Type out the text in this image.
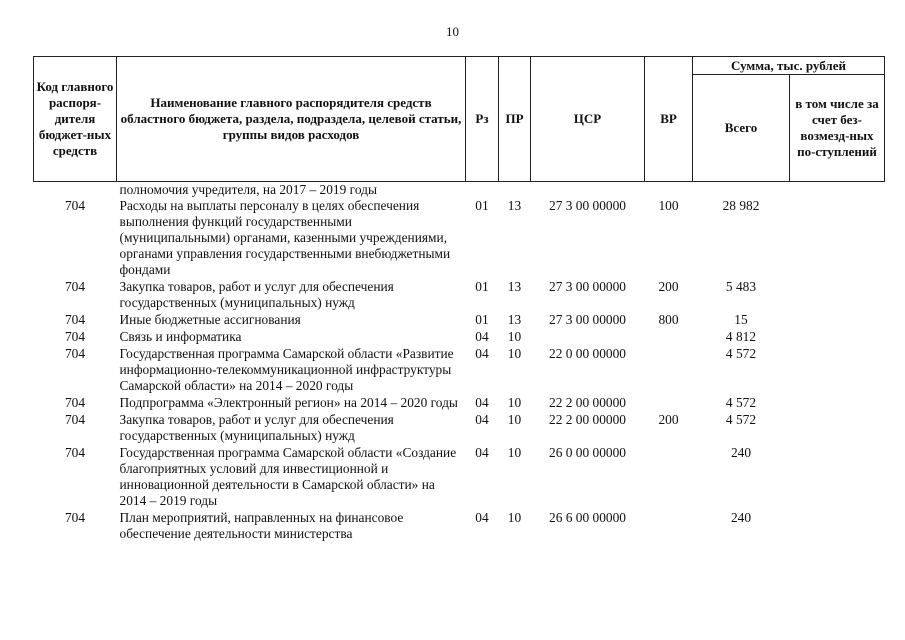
10
Код главного распоря-дителя бюджет-ных средств	Наименование главного распорядителя средств областного бюджета, раздела, подраздела, целевой статьи, группы видов расходов	Рз	ПР	ЦСР	ВР	Сумма, тыс. рублей	
						Всего	в том числе за счет без-возмезд-ных по-ступлений
	полномочия учредителя, на 2017 – 2019 годы						
704	Расходы на выплаты персоналу в целях обеспечения выполнения функций государственными (муниципальными) органами, казенными учреждениями, органами управления государственными внебюджетными фондами	01	13	27 3 00 00000	100	28 982	
704	Закупка товаров, работ и услуг для обеспечения государственных (муниципальных) нужд	01	13	27 3 00 00000	200	5 483	
704	Иные бюджетные ассигнования	01	13	27 3 00 00000	800	15	
704	Связь и информатика	04	10			4 812	
704	Государственная программа Самарской области «Развитие информационно-телекоммуникационной инфраструктуры Самарской области» на 2014 – 2020 годы	04	10	22 0 00 00000		4 572	
704	Подпрограмма «Электронный регион» на 2014 – 2020 годы	04	10	22 2 00 00000		4 572	
704	Закупка товаров, работ и услуг для обеспечения государственных (муниципальных) нужд	04	10	22 2 00 00000	200	4 572	
704	Государственная программа Самарской области «Создание благоприятных условий для инвестиционной и инновационной деятельности в Самарской области» на 2014 – 2019 годы	04	10	26 0 00 00000		240	
704	План мероприятий, направленных на финансовое обеспечение деятельности министерства	04	10	26 6 00 00000		240	
